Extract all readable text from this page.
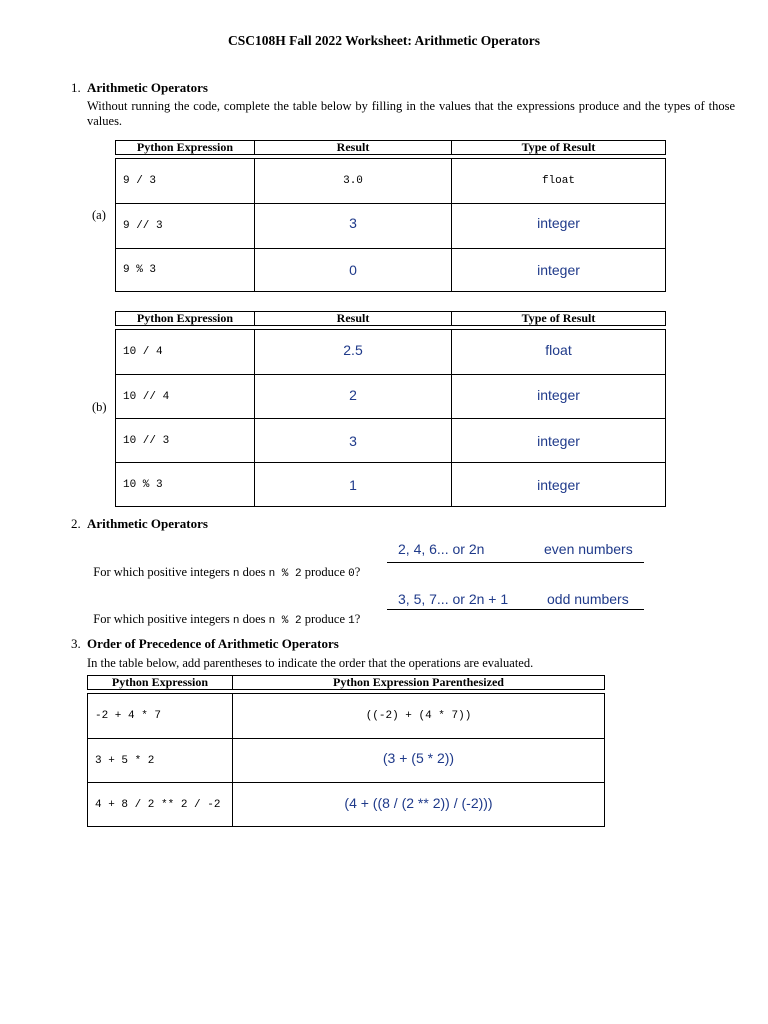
CSC108H Fall 2022 Worksheet: Arithmetic Operators
1. Arithmetic Operators
Without running the code, complete the table below by filling in the values that the expressions produce and the types of those values.
(a)
Python Expression	Result	Type of Result
9 / 3	3.0	float
9 // 3	3	integer
9 % 3	0	integer
(b)
Python Expression	Result	Type of Result
10 / 4	2.5	float
10 // 4	2	integer
10 // 3	3	integer
10 % 3	1	integer
2. Arithmetic Operators

For which positive integers n does n % 2 produce 0?

2, 4, 6... or 2n	even numbers

For which positive integers n does n % 2 produce 1?

3, 5, 7... or 2n + 1	odd numbers
3. Order of Precedence of Arithmetic Operators
In the table below, add parentheses to indicate the order that the operations are evaluated.
Python Expression	Python Expression Parenthesized
-2 + 4 * 7	((-2) + (4 * 7))
3 + 5 * 2	(3 + (5 * 2))
4 + 8 / 2 ** 2 / -2	(4 + ((8 / (2 ** 2)) / (-2)))
